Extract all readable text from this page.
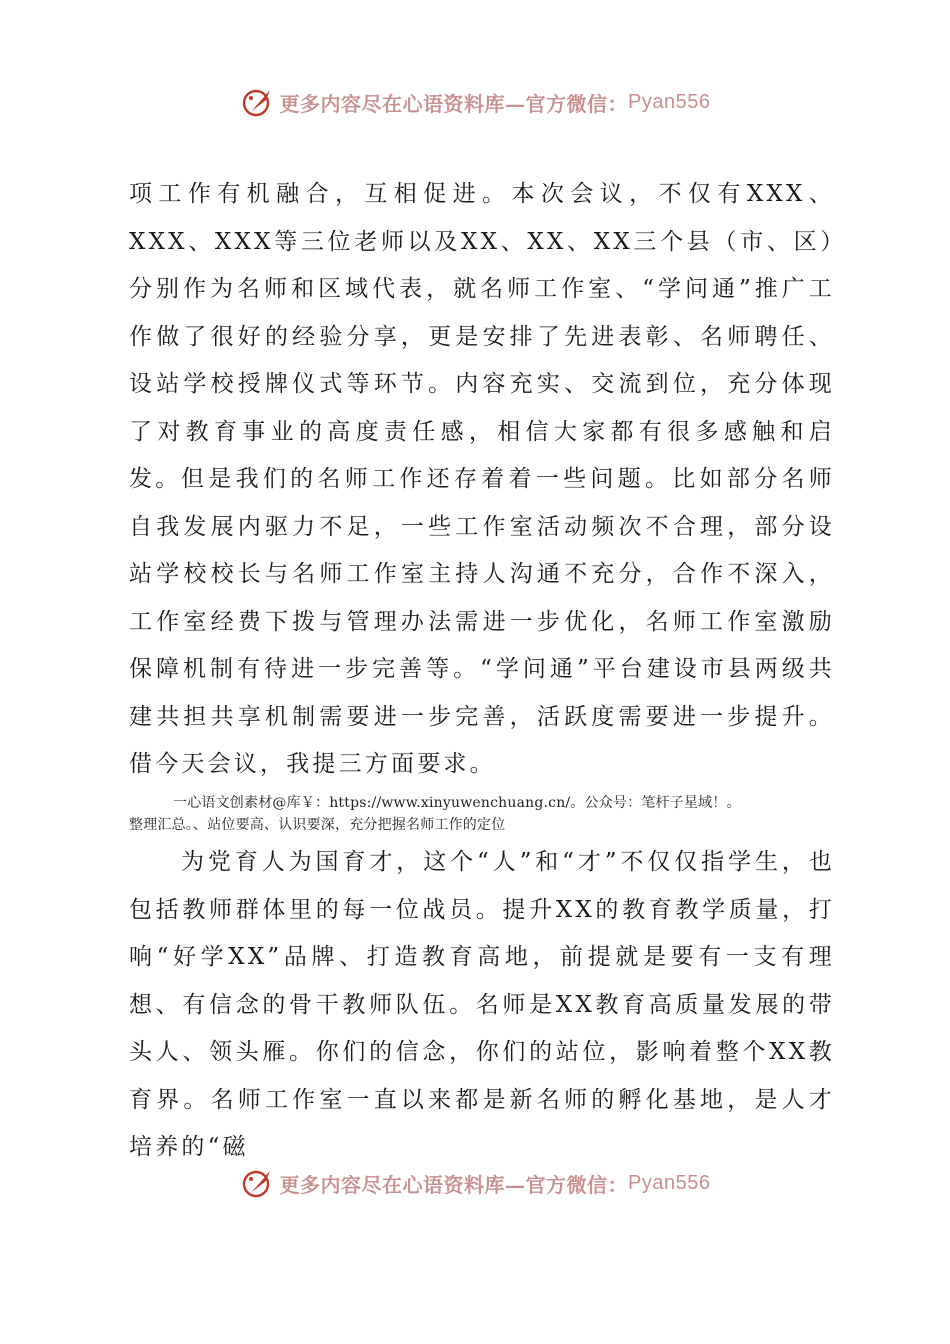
更多内容尽在心语资料库—官方微信： Pyan556

项工作有机融合，互相促进。本次会议，不仅有XXX、XXX、XXX等三位老师以及XX、XX、XX三个县（市、区）分别作为名师和区域代表，就名师工作室、“学问通”推广工作做了很好的经验分享，更是安排了先进表彰、名师聘任、设站学校授牌仪式等环节。内容充实、交流到位，充分体现了对教育事业的高度责任感，相信大家都有很多感触和启发。 但是我们的名师工作还存着着一些问题。比如部分名师自我发展内驱力不足，一些工作室活动频次不合理，部分设站学校校长与名师工作室主持人沟通不充分，合作不深入，工作室经费下拨与管理办法需进一步优化，名师工作室激励保障机制有待进一步完善等。“学问通”平台建设市县两级共建共担共享机制需要进一步完善，活跃度需要进一步提升。借今天会议，我提三方面要求。

一心语文创素材@库￥：https://www.xinyuwenchuang.cn/。公众号：笔杆子星域！。
整理汇总。、站位要高、认识要深，充分把握名师工作的定位

为党育人为国育才，这个“人”和“才”不仅仅指学生，也包括教师群体里的每一位战员。提升XX的教育教学质量，打响“好学XX”品牌、打造教育高地，前提就是要有一支有理想、有信念的骨干教师队伍。名师是XX教育高质量发展的带头人、领头雁。你们的信念，你们的站位，影响着整个XX教育界。名师工作室一直以来都是新名师的孵化基地，是人才培养的“磁

更多内容尽在心语资料库—官方微信： Pyan556
